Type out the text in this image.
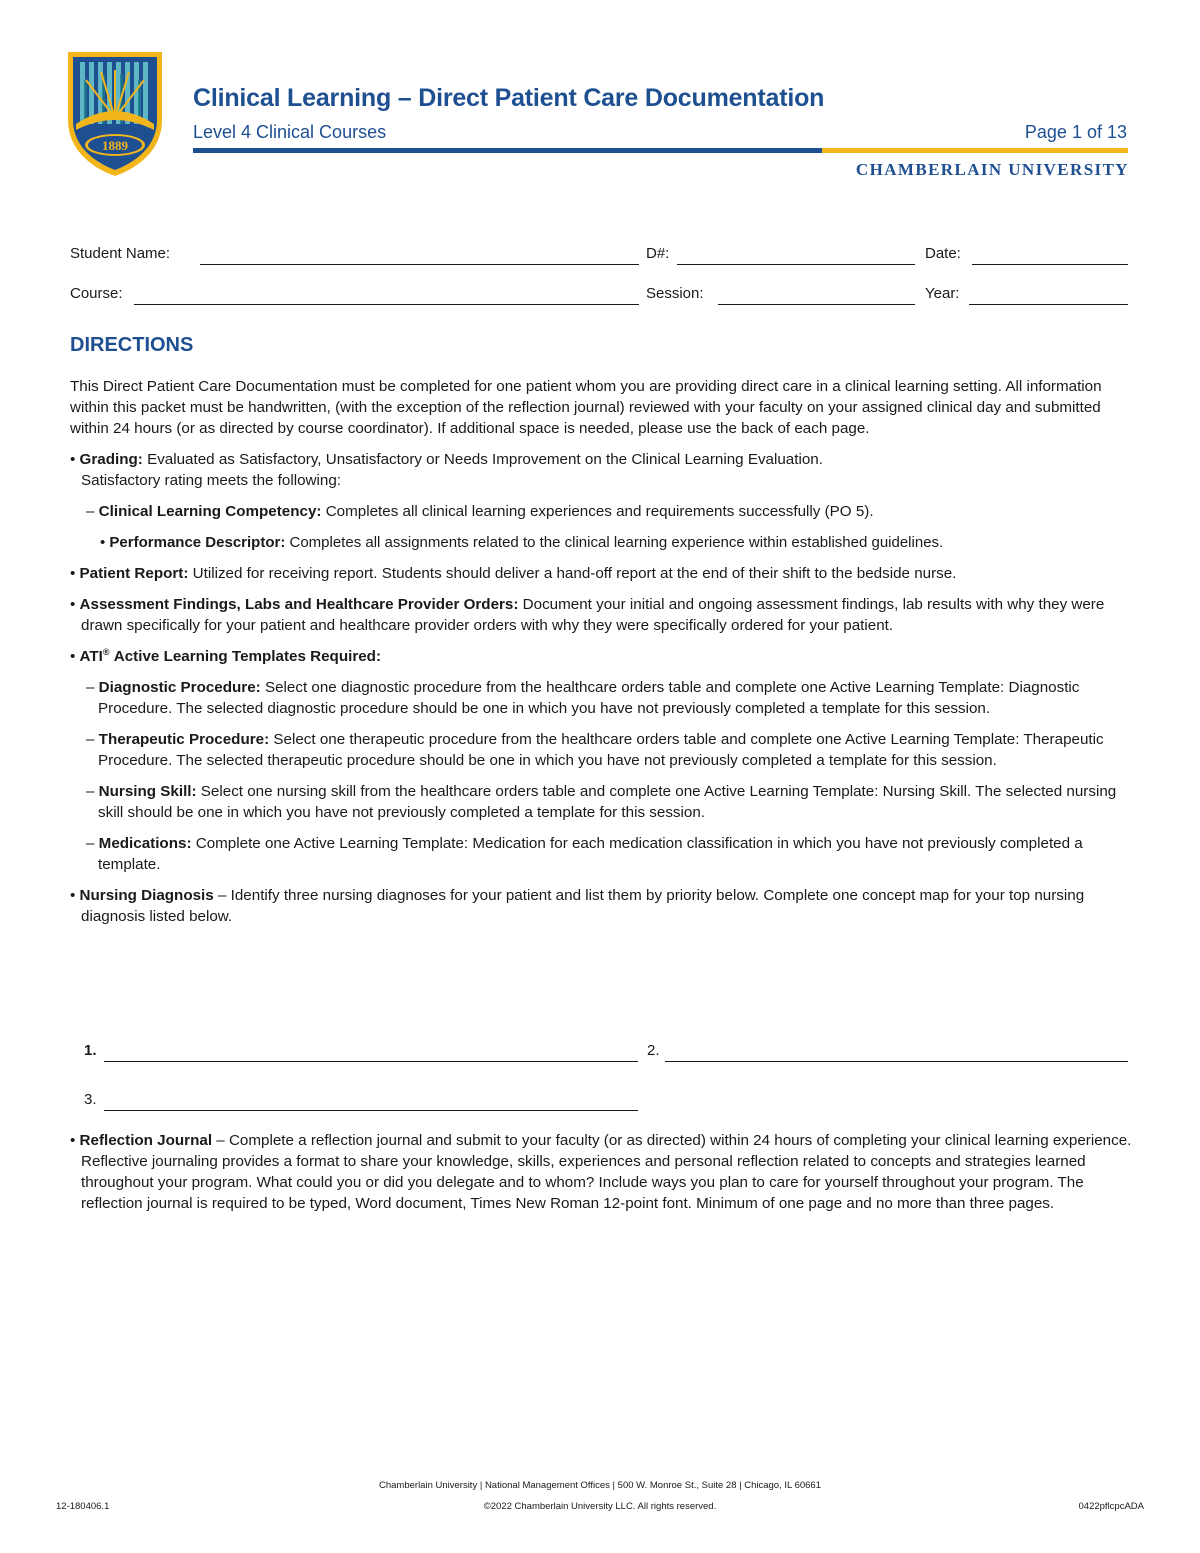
1889
Clinical Learning – Direct Patient Care Documentation
Level 4 Clinical Courses	Page 1 of 13
CHAMBERLAIN UNIVERSITY
Student Name:	D#:	Date:
Course:	Session:	Year:
DIRECTIONS

This Direct Patient Care Documentation must be completed for one patient whom you are providing direct care in a clinical learning setting. All information within this packet must be handwritten, (with the exception of the reflection journal) reviewed with your faculty on your assigned clinical day and submitted within 24 hours (or as directed by course coordinator). If additional space is needed, please use the back of each page.

• Grading: Evaluated as Satisfactory, Unsatisfactory or Needs Improvement on the Clinical Learning Evaluation.
Satisfactory rating meets the following:

– Clinical Learning Competency: Completes all clinical learning experiences and requirements successfully (PO 5).

• Performance Descriptor: Completes all assignments related to the clinical learning experience within established guidelines.

• Patient Report: Utilized for receiving report. Students should deliver a hand-off report at the end of their shift to the bedside nurse.

• Assessment Findings, Labs and Healthcare Provider Orders: Document your initial and ongoing assessment findings, lab results with why they were drawn specifically for your patient and healthcare provider orders with why they were specifically ordered for your patient.

• ATI® Active Learning Templates Required:

– Diagnostic Procedure: Select one diagnostic procedure from the healthcare orders table and complete one Active Learning Template: Diagnostic Procedure. The selected diagnostic procedure should be one in which you have not previously completed a template for this session.

– Therapeutic Procedure: Select one therapeutic procedure from the healthcare orders table and complete one Active Learning Template: Therapeutic Procedure. The selected therapeutic procedure should be one in which you have not previously completed a template for this session.

– Nursing Skill: Select one nursing skill from the healthcare orders table and complete one Active Learning Template: Nursing Skill. The selected nursing skill should be one in which you have not previously completed a template for this session.

– Medications: Complete one Active Learning Template: Medication for each medication classification in which you have not previously completed a template.

• Nursing Diagnosis – Identify three nursing diagnoses for your patient and list them by priority below. Complete one concept map for your top nursing diagnosis listed below.

1.	2.
3.

• Reflection Journal – Complete a reflection journal and submit to your faculty (or as directed) within 24 hours of completing your clinical learning experience. Reflective journaling provides a format to share your knowledge, skills, experiences and personal reflection related to concepts and strategies learned throughout your program. What could you or did you delegate and to whom? Include ways you plan to care for yourself throughout your program. The reflection journal is required to be typed, Word document, Times New Roman 12-point font. Minimum of one page and no more than three pages.

Chamberlain University | National Management Offices | 500 W. Monroe St., Suite 28 | Chicago, IL 60661
12-180406.1	©2022 Chamberlain University LLC. All rights reserved.	0422pflcpcADA
